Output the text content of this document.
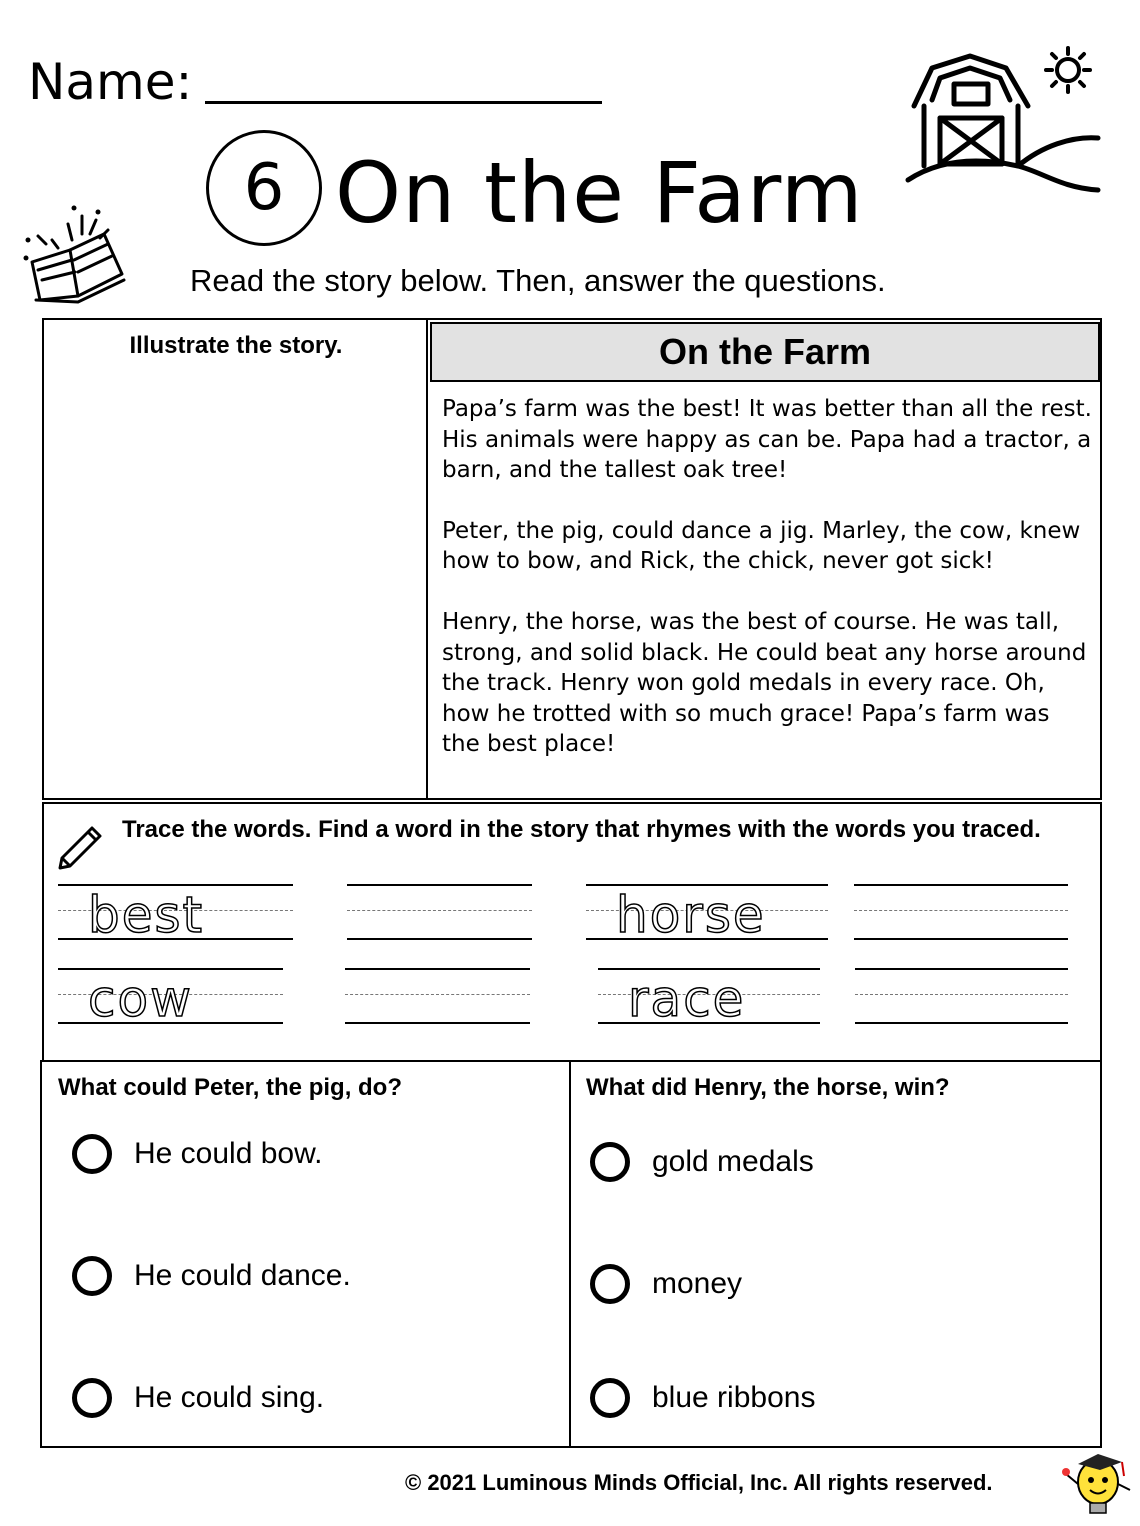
Name:
6 On the Farm
Read the story below. Then, answer the questions.
Illustrate the story.	On the Farm

Papa’s farm was the best! It was better than all the rest. His animals were happy as can be. Papa had a tractor, a barn, and the tallest oak tree!

Peter, the pig, could dance a jig. Marley, the cow, knew how to bow, and Rick, the chick, never got sick!

Henry, the horse, was the best of course. He was tall, strong, and solid black. He could beat any horse around the track. Henry won gold medals in every race. Oh, how he trotted with so much grace! Papa’s farm was the best place!

Trace the words. Find a word in the story that rhymes with the words you traced.
best	horse
cow	race
What could Peter, the pig, do?
He could bow.
He could dance.
He could sing.
What did Henry, the horse, win?
gold medals
money
blue ribbons
© 2021 Luminous Minds Official, Inc. All rights reserved.
